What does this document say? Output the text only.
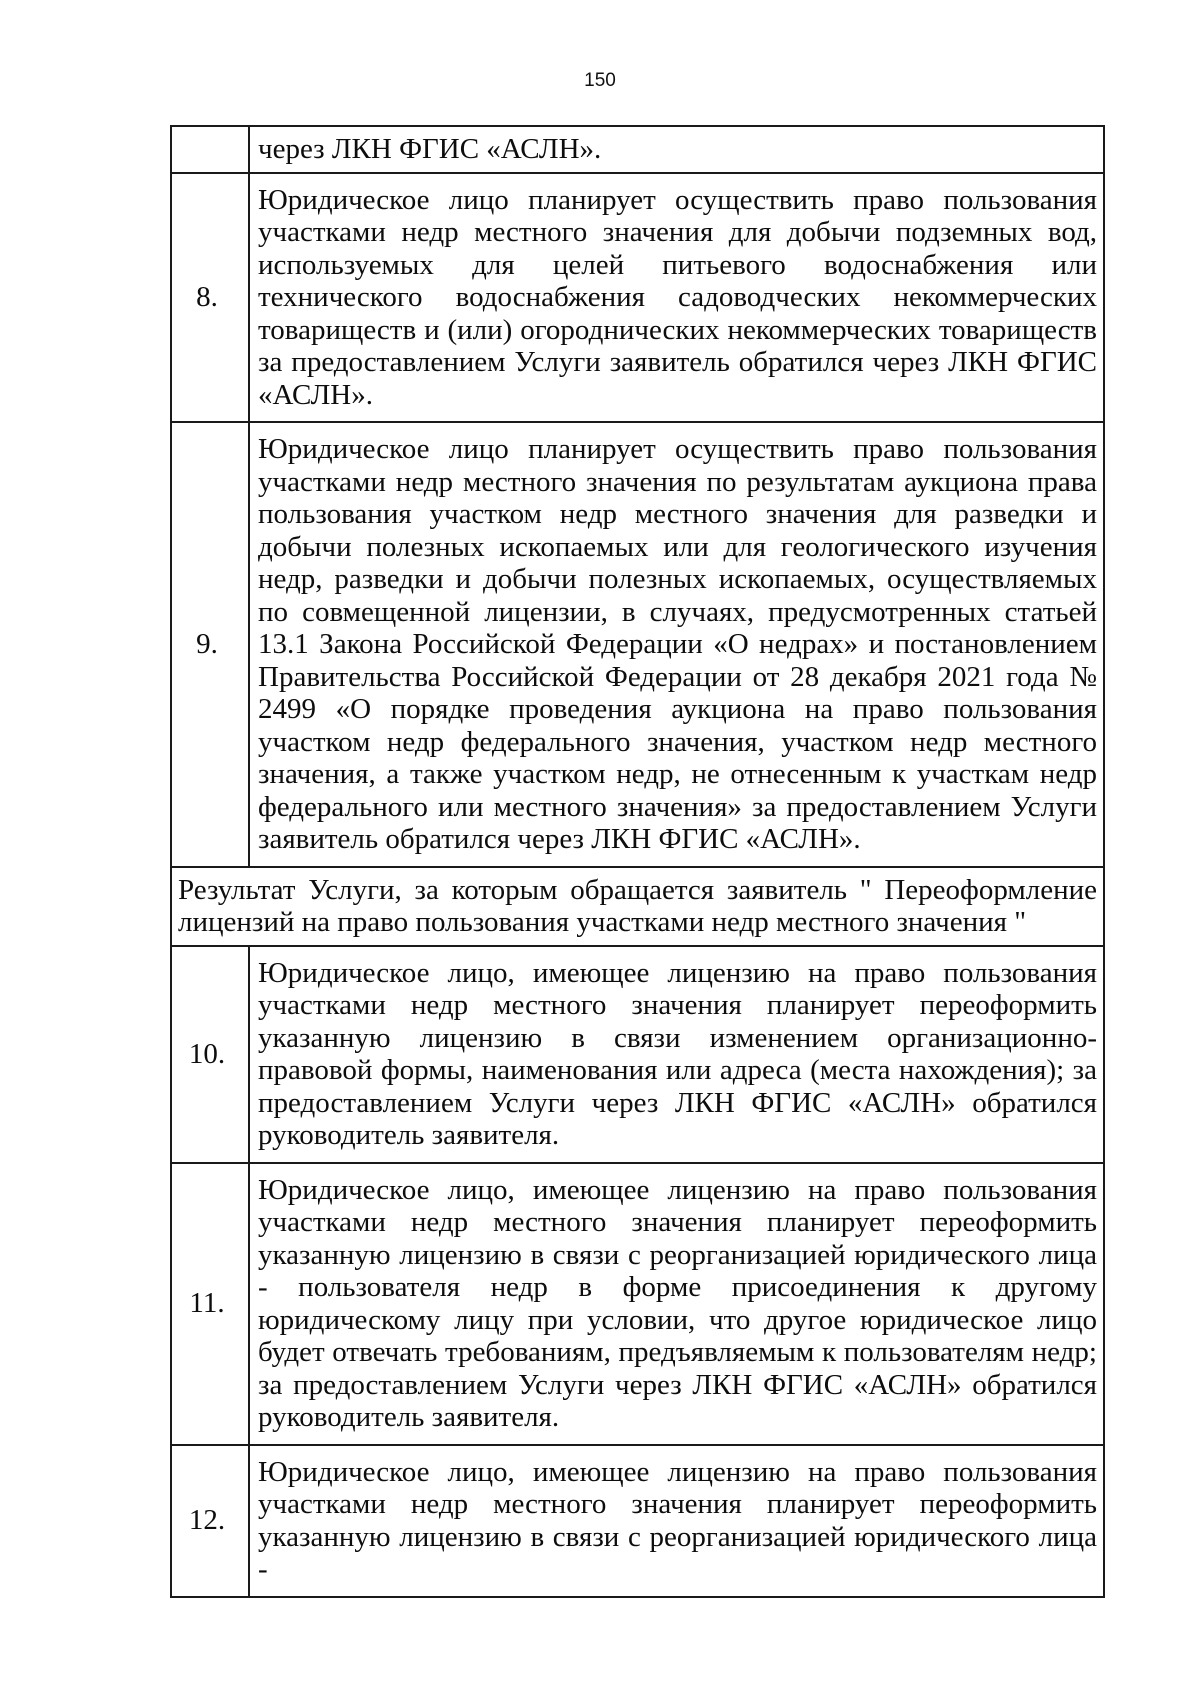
150
	через ЛКН ФГИС «АСЛН».
8.	Юридическое лицо планирует осуществить право пользования участками недр местного значения для добычи подземных вод, используемых для целей питьевого водоснабжения или технического водоснабжения садоводческих некоммерческих товариществ и (или) огороднических некоммерческих товариществ за предоставлением Услуги заявитель обратился через ЛКН ФГИС «АСЛН».
9.	Юридическое лицо планирует осуществить право пользования участками недр местного значения по результатам аукциона права пользования участком недр местного значения для разведки и добычи полезных ископаемых или для геологического изучения недр, разведки и добычи полезных ископаемых, осуществляемых по совмещенной лицензии, в случаях, предусмотренных статьей 13.1 Закона Российской Федерации «О недрах» и постановлением Правительства Российской Федерации от 28 декабря 2021 года № 2499 «О порядке проведения аукциона на право пользования участком недр федерального значения, участком недр местного значения, а также участком недр, не отнесенным к участкам недр федерального или местного значения» за предоставлением Услуги заявитель обратился через ЛКН ФГИС «АСЛН».
Результат Услуги, за которым обращается заявитель " Переоформление лицензий на право пользования участками недр местного значения "	
10.	Юридическое лицо, имеющее лицензию на право пользования участками недр местного значения планирует переоформить указанную лицензию в связи изменением организационно-правовой формы, наименования или адреса (места нахождения); за предоставлением Услуги через ЛКН ФГИС «АСЛН» обратился руководитель заявителя.
11.	Юридическое лицо, имеющее лицензию на право пользования участками недр местного значения планирует переоформить указанную лицензию в связи с реорганизацией юридического лица - пользователя недр в форме присоединения к другому юридическому лицу при условии, что другое юридическое лицо будет отвечать требованиям, предъявляемым к пользователям недр; за предоставлением Услуги через ЛКН ФГИС «АСЛН» обратился руководитель заявителя.
12.	Юридическое лицо, имеющее лицензию на право пользования участками недр местного значения планирует переоформить указанную лицензию в связи с реорганизацией юридического лица -
